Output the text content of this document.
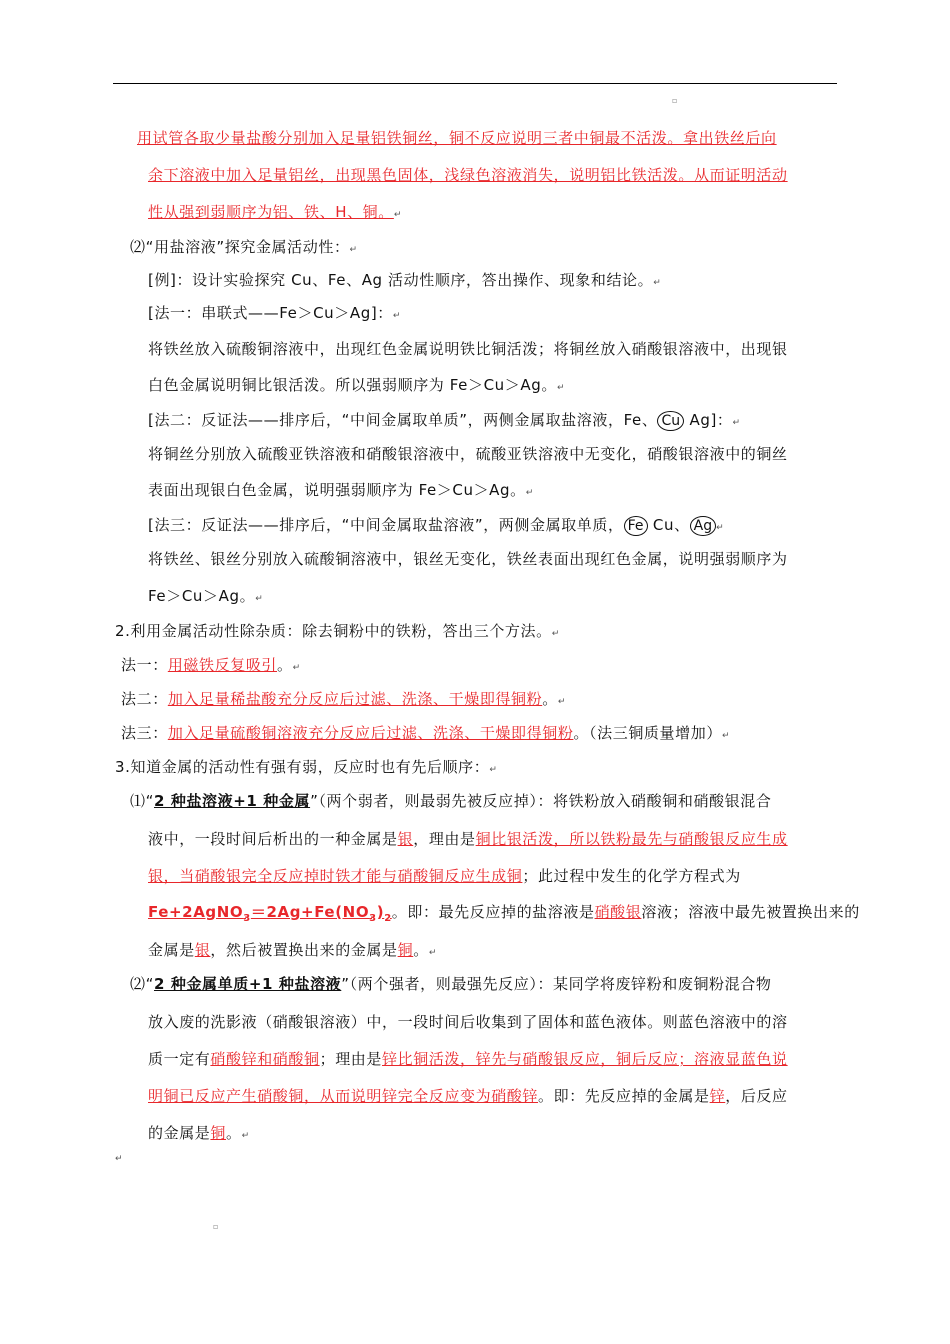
▫
用试管各取少量盐酸分别加入足量铝铁铜丝，铜不反应说明三者中铜最不活泼。拿出铁丝后向
余下溶液中加入足量铝丝，出现黑色固体，浅绿色溶液消失，说明铝比铁活泼。从而证明活动
性从强到弱顺序为铝、铁、H、铜。↵
⑵“用盐溶液”探究金属活动性：↵
[例]：设计实验探究 Cu、Fe、Ag 活动性顺序，答出操作、现象和结论。↵
[法一：串联式——Fe＞Cu＞Ag]：↵
将铁丝放入硫酸铜溶液中，出现红色金属说明铁比铜活泼；将铜丝放入硝酸银溶液中，出现银
白色金属说明铜比银活泼。所以强弱顺序为 Fe＞Cu＞Ag。↵
[法二：反证法——排序后，“中间金属取单质”，两侧金属取盐溶液，Fe、 Cu Ag]：↵
将铜丝分别放入硫酸亚铁溶液和硝酸银溶液中，硫酸亚铁溶液中无变化，硝酸银溶液中的铜丝
表面出现银白色金属，说明强弱顺序为 Fe＞Cu＞Ag。↵
[法三：反证法——排序后，“中间金属取盐溶液”，两侧金属取单质， Fe Cu、 Ag ↵
将铁丝、银丝分别放入硫酸铜溶液中，银丝无变化，铁丝表面出现红色金属，说明强弱顺序为
Fe＞Cu＞Ag。↵
2.利用金属活动性除杂质：除去铜粉中的铁粉，答出三个方法。↵
法一：用磁铁反复吸引。↵
法二：加入足量稀盐酸充分反应后过滤、洗涤、干燥即得铜粉。↵
法三：加入足量硫酸铜溶液充分反应后过滤、洗涤、干燥即得铜粉。（法三铜质量增加）↵
3.知道金属的活动性有强有弱，反应时也有先后顺序：↵
⑴“2 种盐溶液+1 种金属”（两个弱者，则最弱先被反应掉）：将铁粉放入硝酸铜和硝酸银混合
液中，一段时间后析出的一种金属是银，理由是铜比银活泼，所以铁粉最先与硝酸银反应生成
银，当硝酸银完全反应掉时铁才能与硝酸铜反应生成铜；此过程中发生的化学方程式为
$Fe+2AgNO_3=2Ag+Fe(NO_3)_2$。即：最先反应掉的盐溶液是硝酸银溶液；溶液中最先被置换出来的
金属是银，然后被置换出来的金属是铜。↵
⑵“2 种金属单质+1 种盐溶液”（两个强者，则最强先反应）：某同学将废锌粉和废铜粉混合物
放入废的洗影液（硝酸银溶液）中，一段时间后收集到了固体和蓝色液体。则蓝色溶液中的溶
质一定有硝酸锌和硝酸铜；理由是锌比铜活泼，锌先与硝酸银反应，铜后反应；溶液显蓝色说
明铜已反应产生硝酸铜，从而说明锌完全反应变为硝酸锌。即：先反应掉的金属是锌，后反应
的金属是铜。↵
↵
▫
